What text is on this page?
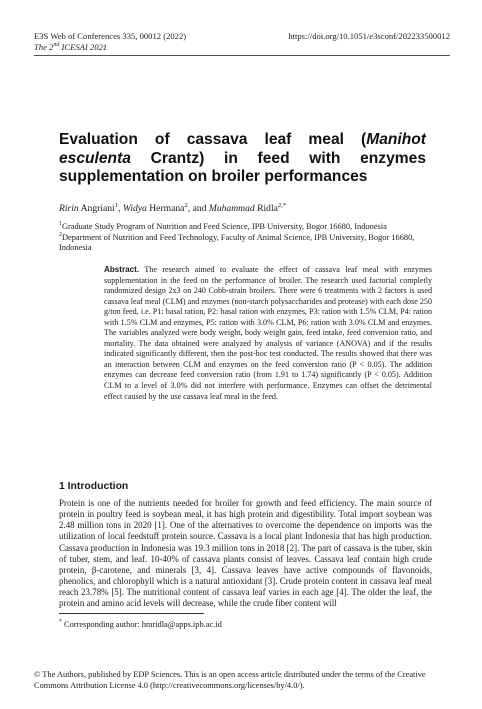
E3S Web of Conferences 335, 00012 (2022)
The 2nd ICESAI 2021
https://doi.org/10.1051/e3sconf/202233500012
Evaluation of cassava leaf meal (Manihot esculenta Crantz) in feed with enzymes supplementation on broiler performances
Ririn Angriani$^1$, Widya Hermana$^2$, and Muhammad Ridla$^{2,*}$
$^1$Graduate Study Program of Nutrition and Feed Science, IPB University, Bogor 16680, Indonesia
$^2$Department of Nutrition and Feed Technology, Faculty of Animal Science, IPB University, Bogor 16680, Indonesia
Abstract. The research aimed to evaluate the effect of cassava leaf meal with enzymes supplementation in the feed on the performance of broiler. The research used factorial completly randomized design 2x3 on 240 Cobb-strain broilers. There were 6 treatments with 2 factors is used cassava leaf meal (CLM) and enzymes (non-starch polysaccharides and protease) with each dose 250 g/ton feed, i.e. P1: basal ration, P2: basal ration with enzymes, P3: ration with 1.5% CLM, P4: ration with 1.5% CLM and enzymes, P5: ration with 3.0% CLM, P6: ration with 3.0% CLM and enzymes. The variables analyzed were body weight, body weight gain, feed intake, feed conversion ratio, and mortality. The data obtained were analyzed by analysis of variance (ANOVA) and if the results indicated significantly different, then the post-hoc test conducted. The results showed that there was an interaction between CLM and enzymes on the feed conversion ratio (P < 0.05). The addition enzymes can decrease feed conversion ratio (from 1.91 to 1.74) significantly (P < 0.05). Addition CLM to a level of 3.0% did not interfere with performance. Enzymes can offset the detrimental effect caused by the use cassava leaf meal in the feed.
1 Introduction
Protein is one of the nutrients needed for broiler for growth and feed efficiency. The main source of protein in poultry feed is soybean meal, it has high protein and digestibility. Total import soybean was 2.48 million tons in 2020 [1]. One of the alternatives to overcome the dependence on imports was the utilization of local feedstuff protein source. Cassava is a local plant Indonesia that has high production. Cassava production in Indonesia was 19.3 million tons in 2018 [2]. The part of cassava is the tuber, skin of tuber, stem, and leaf. 10-40% of cassava plants consist of leaves. Cassava leaf contain high crude protein, β-carotene, and minerals [3, 4]. Cassava leaves have active compounds of flavonoids, phenolics, and chlorophyll which is a natural antioxidant [3]. Crude protein content in cassava leaf meal reach 23.78% [5]. The nutritional content of cassava leaf varies in each age [4]. The older the leaf, the protein and amino acid levels will decrease, while the crude fiber content will
* Corresponding author: hmridla@apps.ipb.ac.id
© The Authors, published by EDP Sciences. This is an open access article distributed under the terms of the Creative Commons Attribution License 4.0 (http://creativecommons.org/licenses/by/4.0/).
